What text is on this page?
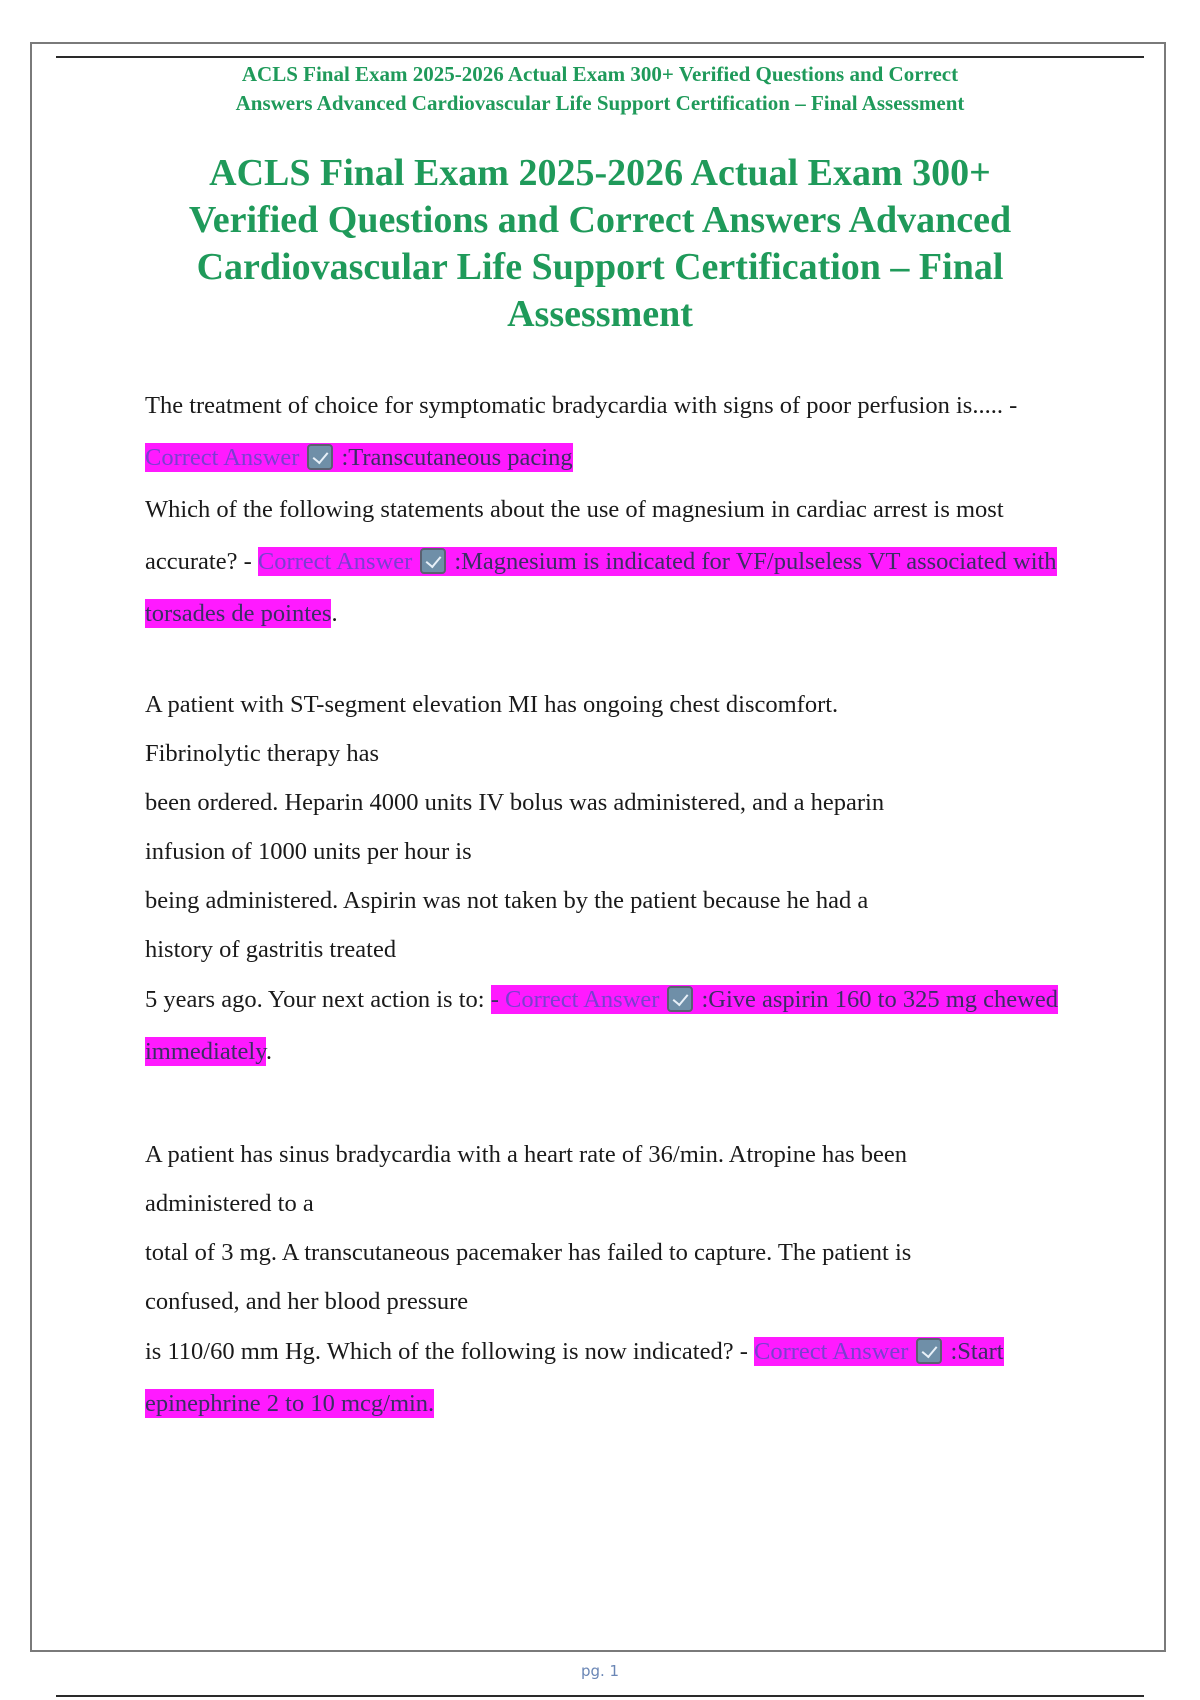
ACLS Final Exam 2025-2026 Actual Exam 300+ Verified Questions and Correct
Answers Advanced Cardiovascular Life Support Certification – Final Assessment
ACLS Final Exam 2025-2026 Actual Exam 300+
Verified Questions and Correct Answers Advanced
Cardiovascular Life Support Certification – Final
Assessment

The treatment of choice for symptomatic bradycardia with signs of poor perfusion is..... - Correct Answer :Transcutaneous pacing

Which of the following statements about the use of magnesium in cardiac arrest is most accurate? - Correct Answer :Magnesium is indicated for VF/pulseless VT associated with torsades de pointes.

A patient with ST-segment elevation MI has ongoing chest discomfort.

Fibrinolytic therapy has

been ordered. Heparin 4000 units IV bolus was administered, and a heparin

infusion of 1000 units per hour is

being administered. Aspirin was not taken by the patient because he had a

history of gastritis treated

5 years ago. Your next action is to: - Correct Answer :Give aspirin 160 to 325 mg chewed immediately.

A patient has sinus bradycardia with a heart rate of 36/min. Atropine has been

administered to a

total of 3 mg. A transcutaneous pacemaker has failed to capture. The patient is

confused, and her blood pressure

is 110/60 mm Hg. Which of the following is now indicated? - Correct Answer :Start epinephrine 2 to 10 mcg/min.

pg. 1
